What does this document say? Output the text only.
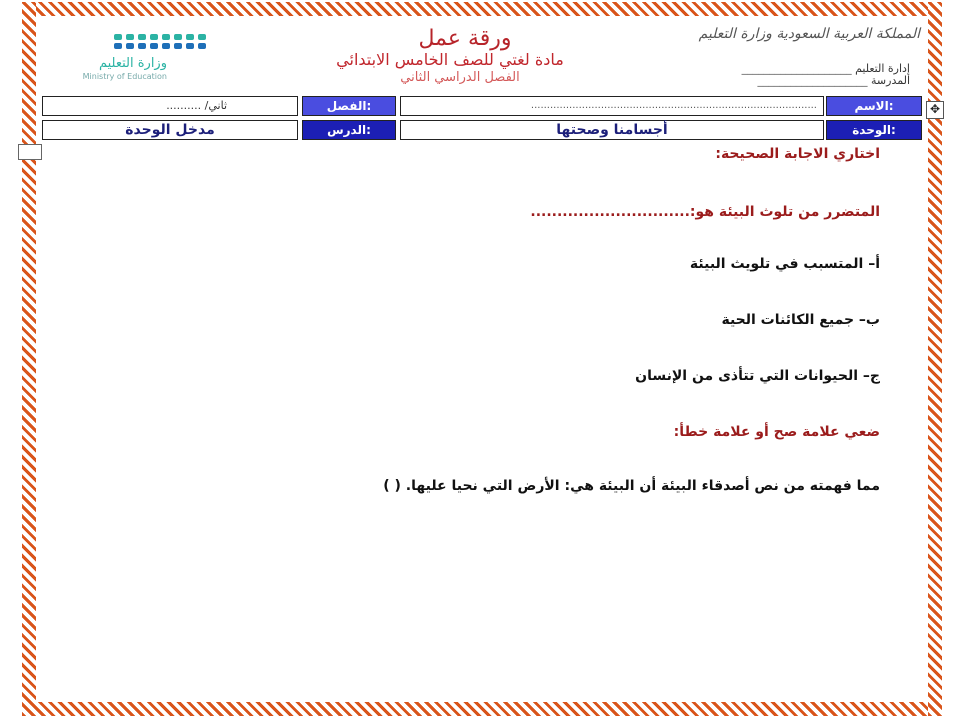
وزارة التعليم
Ministry of Education
المملكة العربية السعودية وزارة التعليم
إدارة التعليم ____________________
المدرسة ____________________
ورقة عمل
مادة لغتي للصف الخامس الابتدائي
الفصل الدراسي الثاني
الاسم:
..........................................................................................
الفصل:
ثاني/ ..........
الوحدة:
أجسامنا وصحتها
الدرس:
مدخل الوحدة
✥
اختاري الاجابة الصحيحة:
المتضرر من تلوث البيئة هو:..............................
أ– المتسبب في تلويث البيئة
ب– جميع الكائنات الحية
ج– الحيوانات التي تتأذى من الإنسان
ضعي علامة صح أو علامة خطأ:
مما فهمته من نص أصدقاء البيئة أن البيئة هي: الأرض التي نحيا عليها. ( )
